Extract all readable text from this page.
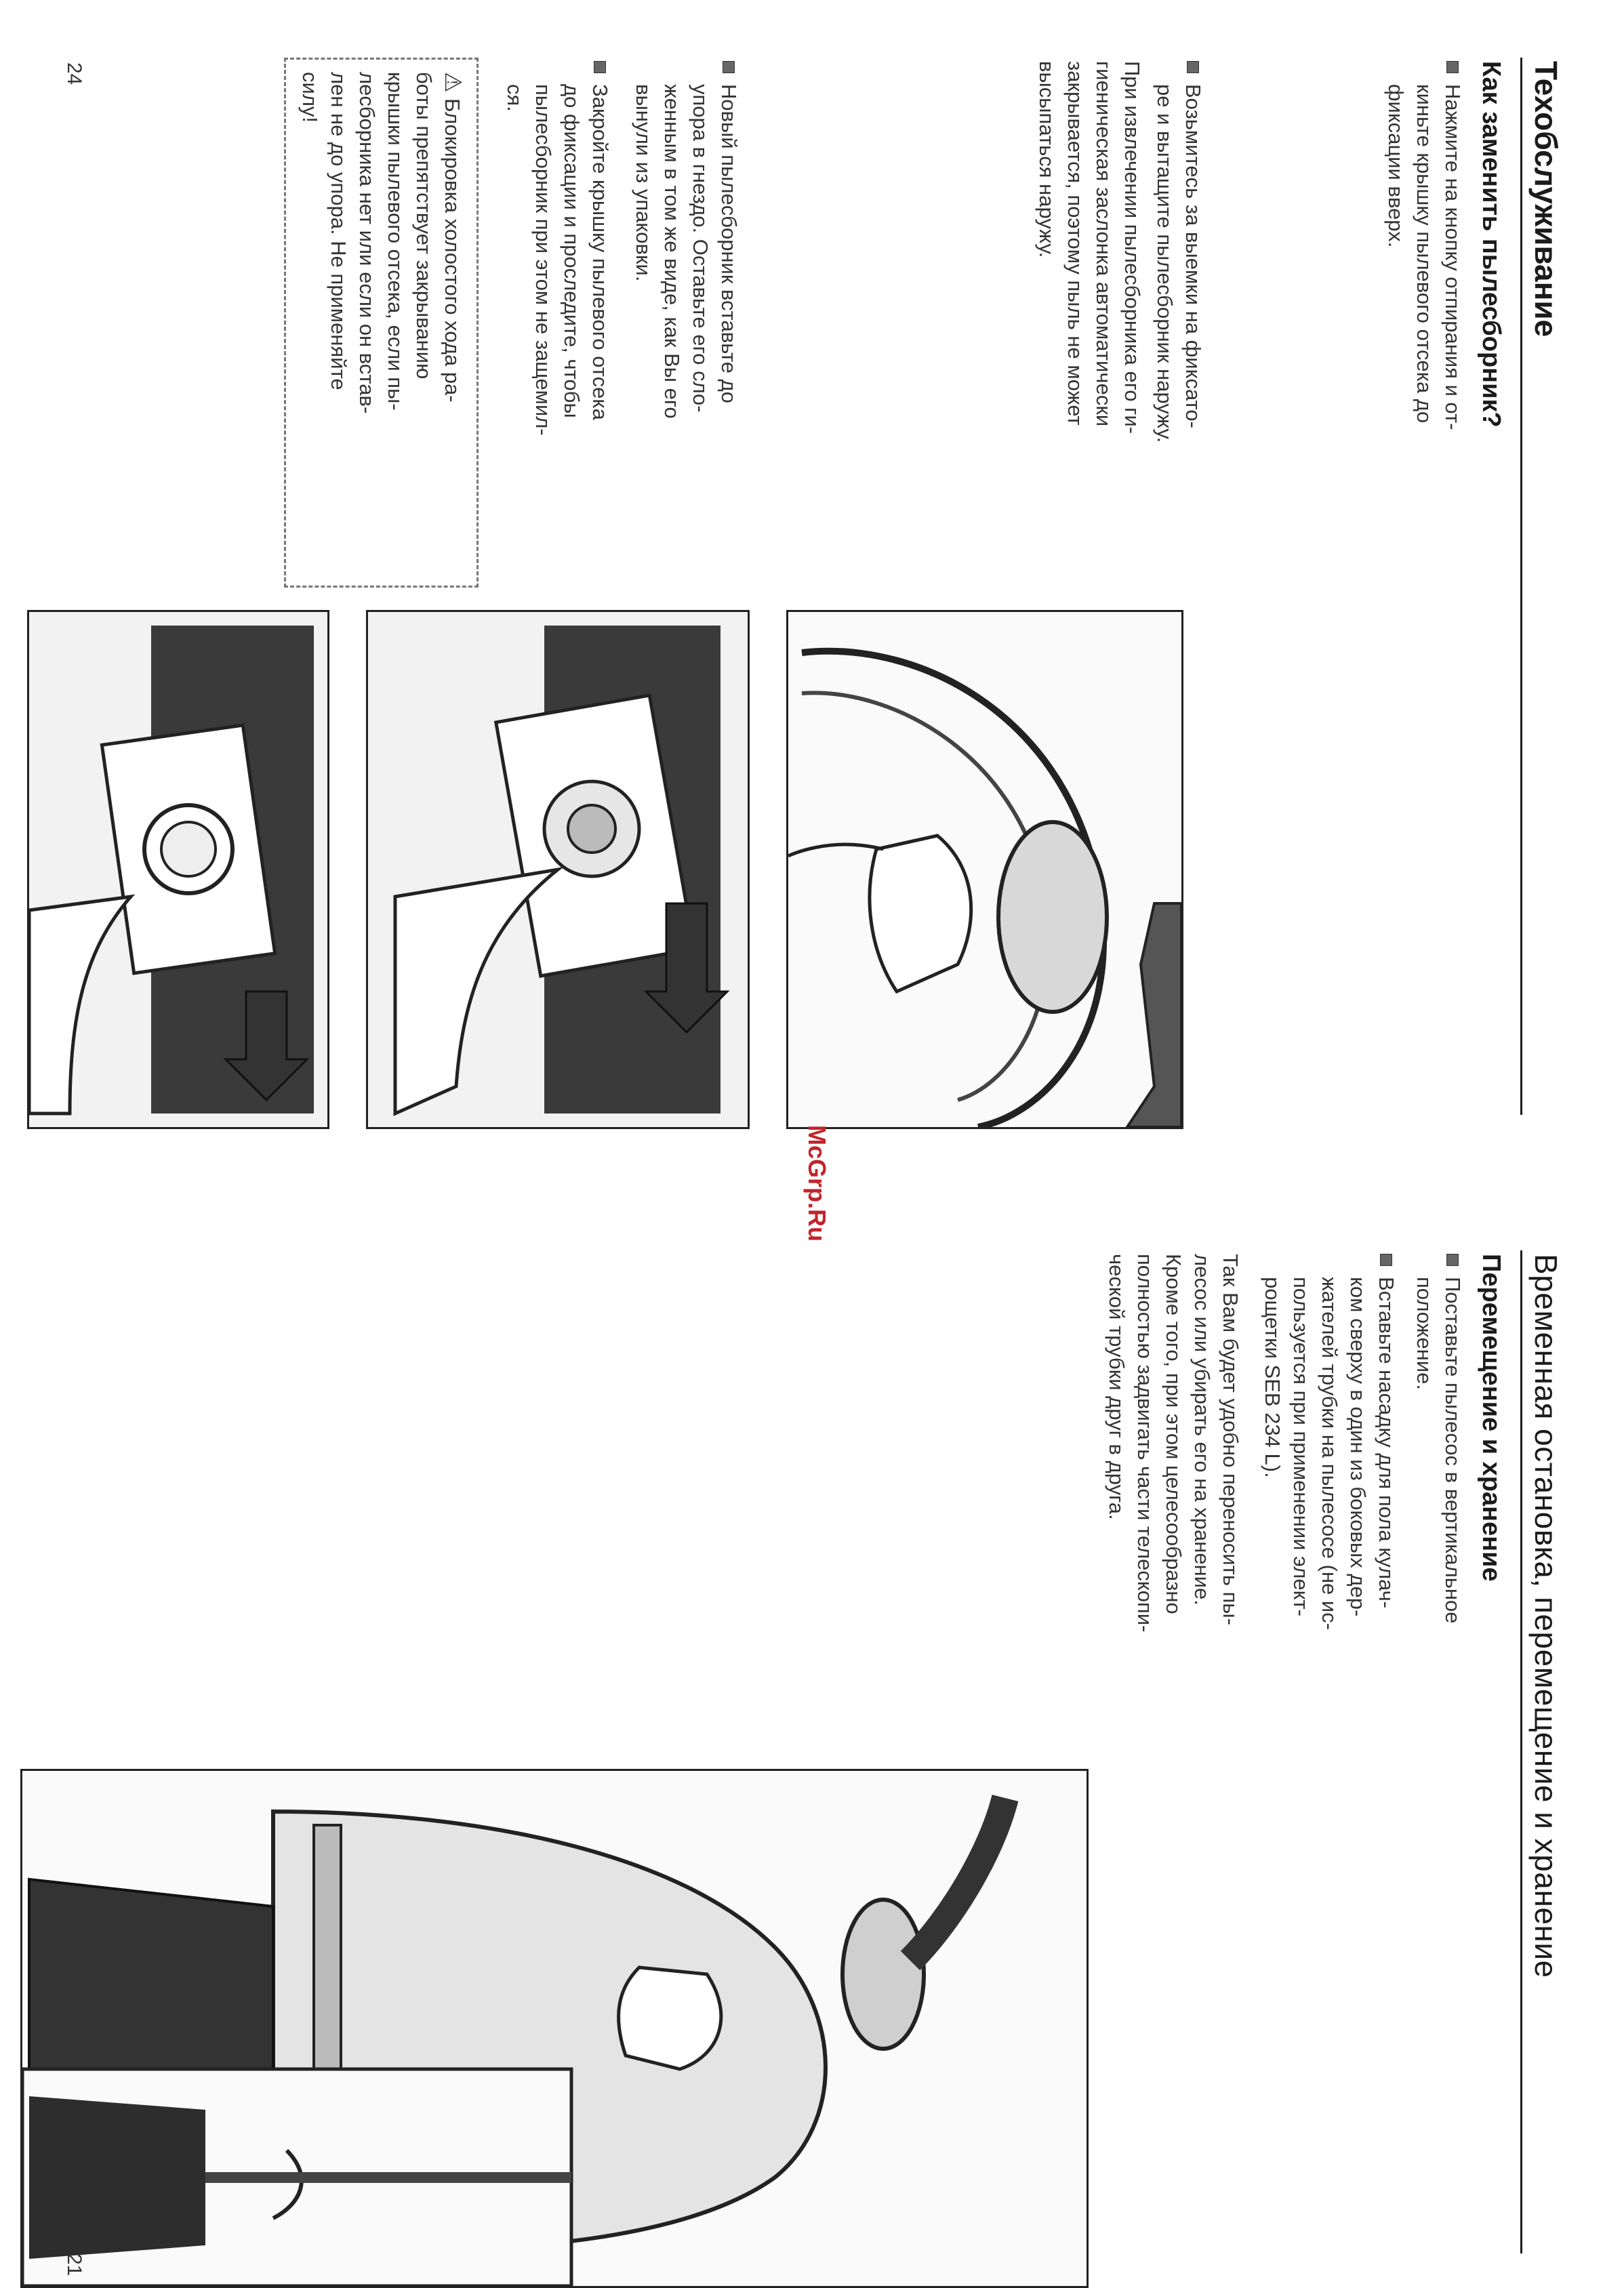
Техобслуживание
Как заменить пылесборник?

Нажмите на кнопку отпирания и от-

киньте крышку пылевого отсека до

фиксации вверх.

Возьмитесь за выемки на фиксато-

ре и вытащите пылесборник наружу.

При извлечении пылесборника его ги-

гиеническая заслонка автоматически

закрывается, поэтому пыль не может

высыпаться наружу.

Новый пылесборник вставьте до

упора в гнездо. Оставьте его сло-

женным в том же виде, как Вы его

вынули из упаковки.

Закройте крышку пылевого отсека

до фиксации и проследите, чтобы

пылесборник при этом не защемил-

ся.

⚠ Блокировка холостого хода ра-
боты препятствует закрыванию
крышки пылевого отсека, если пы-
лесборника нет или если он встав-
лен не до упора. Не применяйте
силу!
24
McGrp.Ru
Временная остановка, перемещение и хранение
Перемещение и хранение

Поставьте пылесос в вертикальное

положение.

Вставьте насадку для пола кулач-

ком сверху в один из боковых дер-

жателей трубки на пылесосе (не ис-

пользуется при применении элект-

рощетки SEB 234 L).

Так Вам будет удобно переносить пы-

лесос или убирать его на хранение.

Кроме того, при этом целесообразно

полностью задвигать части телескопи-

ческой трубки друг в друга.

21
